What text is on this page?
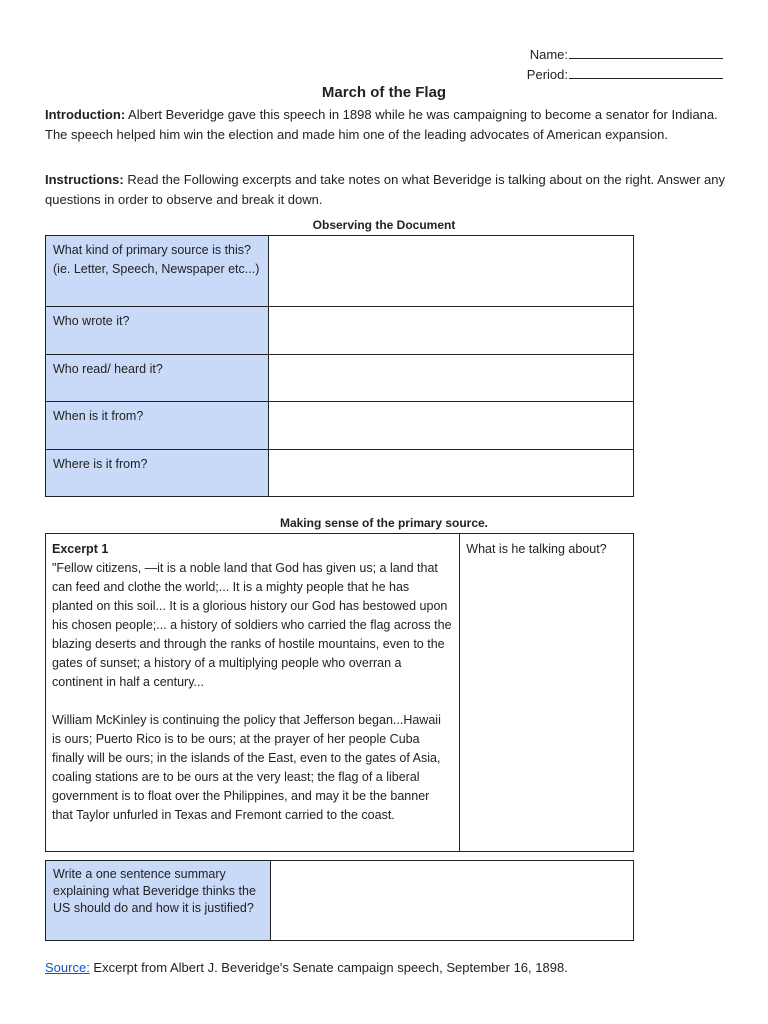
Name:
Period:
March of the Flag
Introduction: Albert Beveridge gave this speech in 1898 while he was campaigning to become a senator for Indiana. The speech helped him win the election and made him one of the leading advocates of American expansion.
Instructions: Read the Following excerpts and take notes on what Beveridge is talking about on the right. Answer any questions in order to observe and break it down.
Observing the Document
What kind of primary source is this? (ie. Letter, Speech, Newspaper etc...)	
Who wrote it?	
Who read/ heard it?	
When is it from?	
Where is it from?	
Making sense of the primary source.
Excerpt 1
"Fellow citizens, —it is a noble land that God has given us; a land that can feed and clothe the world;... It is a mighty people that he has planted on this soil... It is a glorious history our God has bestowed upon his chosen people;... a history of soldiers who carried the flag across the blazing deserts and through the ranks of hostile mountains, even to the gates of sunset; a history of a multiplying people who overran a continent in half a century...
William McKinley is continuing the policy that Jefferson began...Hawaii is ours; Puerto Rico is to be ours; at the prayer of her people Cuba finally will be ours; in the islands of the East, even to the gates of Asia, coaling stations are to be ours at the very least; the flag of a liberal government is to float over the Philippines, and may it be the banner that Taylor unfurled in Texas and Fremont carried to the coast.

What is he talking about?
Write a one sentence summary explaining what Beveridge thinks the US should do and how it is justified?	
Source: Excerpt from Albert J. Beveridge's Senate campaign speech, September 16, 1898.
